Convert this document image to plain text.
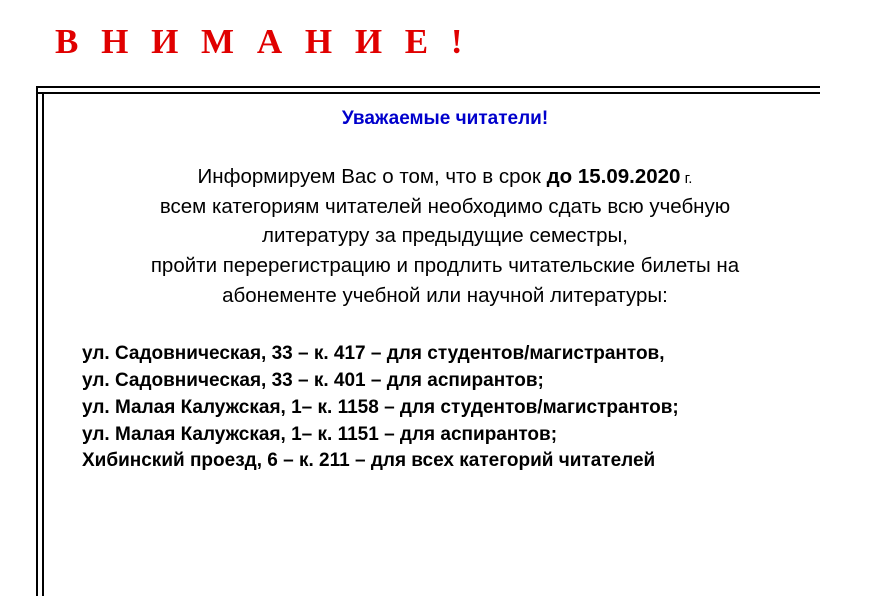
В Н И М А Н И Е !
Уважаемые читатели!
Информируем Вас о том, что в срок до 15.09.2020 г.
всем категориям читателей необходимо сдать всю учебную
литературу за предыдущие семестры,
пройти перерегистрацию и продлить читательские билеты на
абонементе учебной или научной литературы:
ул. Садовническая, 33 – к. 417 – для студентов/магистрантов,
ул. Садовническая, 33 – к. 401 – для аспирантов;
ул. Малая Калужская, 1– к. 1158 – для студентов/магистрантов;
ул. Малая Калужская, 1– к. 1151 – для аспирантов;
Хибинский проезд, 6 – к. 211 – для всех категорий читателей
